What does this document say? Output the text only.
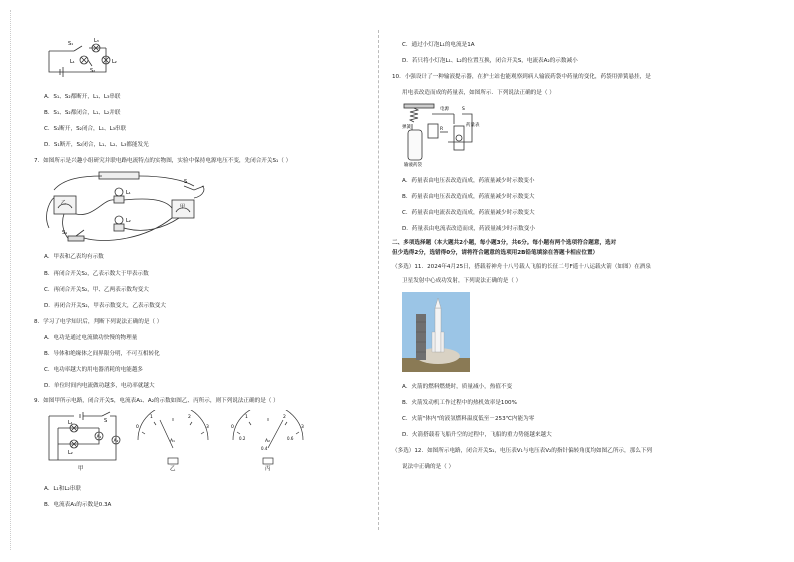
S₁	L₃
L₁	L₂
S₂
A．S₁、S₂都断开，L₁、L₃串联
B．S₁、S₂都闭合，L₁、L₂并联
C．S₁断开，S₂闭合，L₁、L₃串联
D．S₁断开，S₂闭合，L₁、L₂、L₃都能发光
7．如图所示是兴趣小组研究并联电路电流特点的实物图，实验中保持电源电压不变，先闭合开关S₁（ ）
S
乙
甲
L₁
L₂
S₁
A．甲表和乙表均有示数
B．再闭合开关S₂，乙表示数大于甲表示数
C．再闭合开关S₂，甲、乙两表示数均变大
D．再闭合开关S₂，甲表示数变大，乙表示数变大
8．学习了电学知识后，判断下列说法正确的是（ ）
A．电功是通过电流做功快慢的物理量
B．导体和绝缘体之间界限分明，不可互相转化
C．电功率越大的用电器消耗的电能越多
D．单位时间内电流做功越多，电功率就越大
9．如图甲所示电路，闭合开关S，电流表A₁、A₂的示数如图乙、丙所示，则下列说法正确的是（ ）
L₁
L₂
A₁
A₂
S
甲
0
1	2
3
A₁
乙
0
1	2
3
0.2
0.4
0.6
A₂
丙
A．L₁和L₂串联
B．电流表A₁的示数是0.3A
C．通过小灯泡L₁的电流是1A
D．若只将小灯泡L₁、L₂的位置互换，闭合开关S，电流表A₂的示数减小
10．小强设计了一种输液提示器，在护士站也能观察到病人输液药袋中药量的变化，药袋用弹簧悬挂，是
用电表改造而成的药量表，如图所示．下列说法正确的是（ ）
电源	S
弹簧	药量表
R
输液药袋
A．药量表由电压表改造而成，药液量减少时示数变小
B．药量表由电压表改造而成，药液量减少时示数变大
C．药量表由电流表改造而成，药液量减少时示数变大
D．药量表由电流表改造而成，药液量减少时示数变小
二、多项选择题（本大题共2小题，每小题3分，共6分。每小题有两个选项符合题意，选对
但少选得2分，选错得0分，请将符合题意的选项用2B铅笔填涂在答题卡相应位置）
（多选）11．2024年4月25日，搭载着神舟十八号载人飞船的长征二号F遥十八运载火箭（如图）在酒泉
卫星发射中心成功发射，下列说法正确的是（ ）
A．火箭的燃料燃烧时，质量减小，热值不变
B．火箭发动机工作过程中的热机效率是100%
C．火箭"体内"的液氢燃料温度低至－253℃内能为零
D．火箭搭载着飞船升空的过程中，飞船的重力势能越来越大
（多选）12．如图所示电路，闭合开关S₁，电压表V₁与电压表V₂的指针偏转角度均如图乙所示，那么下列
说法中正确的是（ ）
